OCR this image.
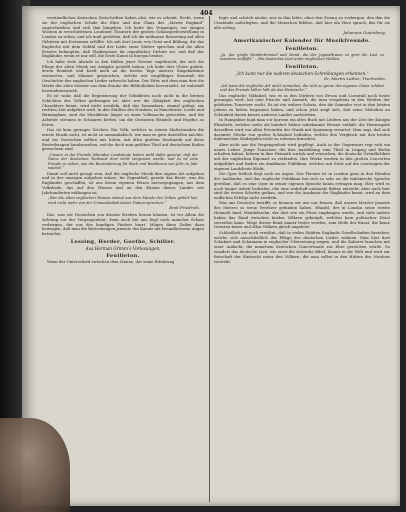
404

verständlichen deutschen Zeitschriften haben also, wie es scheint, Recht, wenn sie der englischen Schule die Ehre und den Glanz des „Merrie England“ zugeschrieben und sich ihm hingeben. Ich hatte das Vergnügen, vor einigen Wochen in verschiedenen Londoner Theatern der großen Schauspielvorstellung in London zu sehen, und ich muß gestehen, daß ich die mühsame Besserung auf allen Gebieten mit Erstaunen erfüllte. Ich sah dort Leute von Geist und Bildung, die das Englische mit dem Gefühl und der Liebe einer Mutter sprechen und die allen Ernstes behaupten, daß Shakespeare ihr eigentlicher Dichter sei, und daß der Engländer, wenn er nur will, die beste Kunst in Europa besitze.

Ich habe viele Abende in den Hallen jener Vereine zugebracht, die sich die Pflege der alten Musik zur Aufgabe gestellt haben; ich habe dort Chöre gehört, deren Reinheit und Kraft mich an die besten Tage unserer Singakademie erinnerten, und Männer gesprochen, welche mit sorgfältiger Kenntniß die Geschichte des englischen Liedes erforscht haben. Der Eifer, mit dem man dort die Werke der alten Meister aus dem Staube der Bibliotheken hervorzieht, ist wahrhaft bewundernswerth.

Es ist wahr, daß die Begeisterung der Gebildeten noch nicht in die breiten Schichten des Volkes gedrungen ist; aber wer die Zähigkeit des englischen Charakters kennt, wird nicht zweifeln, daß das Samenkorn, einmal gelegt, zur rechten Zeit aufgehen wird. In den Städten des Nordens, in Manchester, Leeds und Birmingham, sind die Musikfeste längst zu einer Volkssache geworden, und die Arbeiter strömen in Schaaren herbei, um die Oratorien Händels und Haydns zu hören.

Das ist kein geringes Zeichen. Ein Volk, welches in seinen Mußestunden die ernste Musik sucht, ist nicht so unmusikalisch, wie man es gern darstellen möchte, und wir Deutschen sollten uns hüten, mit allzu großem Hochmuth auf diese Bestrebungen herabzusehen, welche doch zum größten Theil auf deutschem Boden gewachsen sind.

„Unsere in der Fremde lebenden Landsleute haben wohl dafür gesorgt, daß der Name der deutschen Tonkunst dort nicht vergessen werde, und es ist eine Freude zu sehen, wie die Bewunderung für Bach und Beethoven von Jahr zu Jahr wächst.“

Damit soll nicht gesagt sein, daß die englische Musik ihre eigene Art aufgeben und in der unsrigen aufgehen müsse. Im Gegentheil, gerade das Beste, was die Engländer geschaffen, ist aus ihrem eigenen Wesen hervorgegangen, aus dem Volksliede, das auf den Wiesen und an den Küsten dieses Landes seit Jahrhunderten erklungen ist.

„Wer die alten englischen Weisen einmal aus dem Munde des Volkes gehört hat, wird nicht mehr von der Unmusikalität dieser Nation sprechen.“

Emil Friedrich.

Das, was wir Deutschen von diesem Streben lernen können, ist vor Allem die Achtung vor der Vergangenheit; denn auch bei uns liegt noch mancher Schatz verborgen, der nur des kundigen Finders harrt. Mögen diese Zeilen dazu beitragen, daß man die Bestrebungen jenseits des Kanals mit freundlicheren Augen betrachte.

Lessing, Herder, Goethe, Schiller.

Aus Herman Grimm’s Vorlesungen.

Feuilleton.

Wenn der Unterschied zwischen dem Manne, der seine Erfahrung

legte und schrieb nieder, was in ihm lebte, ohne den Zwang zu verbergen, den ihm die Umstände auferlegten, und die Menschen fühlten, daß hier ein Herz sprach, das für sie alle schlug.

Johannes Gutenberg.

Amerikanischer Kalender für Musikfreunde.

Feuilleton.

„Ja, der große Wanderhimmel und Mond, die der Jugendtraum so gern die Lust zu wandern einflößt.“ – Ein deutsches Lied unter englischen Wolken.

Feuilleton.

„Ich kann nur die wahren deutschen Schreibungen erkennen.“

Dr. Martin Luther, Tischreden.

„Ich kann die englische Art nicht verstehen, die sich so gerne des eigenen Gutes schämt und das Fremde höher hält als das Heimische.“

Das englische Volkslied, wie es in den Dörfern von Devon und Cornwall noch heute gesungen wird, hat eine Frische und Anmuth, die man vergebens in den Werken der gelehrten Tonsetzer sucht. Es ist ein wahrer Schatz, den die Sammler erst in den letzten Jahren zu heben begonnen haben, und schon jetzt zeigt sich, daß seine Melodien an Schönheit denen keines anderen Landes nachstehen.

In Hampshire fand man vor kurzem ein altes Buch mit Liedern aus der Zeit der Königin Elisabeth, welches mehr als hundert bisher unbekannte Weisen enthält; die Herausgabe desselben wird von allen Freunden der Musik mit Spannung erwartet. Man sagt, daß sich darunter Stücke von großer Schönheit befinden, welche den Vergleich mit den besten italienischen Madrigalen nicht zu scheuen brauchen.

Aber nicht nur die Vergangenheit wird gepflegt. Auch in der Gegenwart regt sich ein neues Leben. Junge Tonsetzer, die ihre Ausbildung zum Theil in Leipzig und Berlin erhalten haben, kehren in ihre Heimath zurück und versuchen, die deutsche Gründlichkeit mit der englischen Eigenart zu verbinden. Ihre Werke werden in den großen Concerten aufgeführt und finden ein dankbares Publikum, welches mit Stolz auf die Leistungen der eigenen Landsleute blickt.

Die Oper freilich liegt noch im Argen. Das Theater ist in London ganz in den Händen der Ausländer, und das englische Publikum hat sich so sehr an die italienische Sprache gewöhnt, daß es eine Oper in seiner eigenen Sprache kaum ertragen mag. Hier wird es noch langer Arbeit bedürfen, ehe eine wahrhaft nationale Bühne entsteht; aber auch hier sind die ersten Schritte gethan, und wer die Ausdauer der Engländer kennt, wird an dem endlichen Erfolge nicht zweifeln.

Was uns Deutsche betrifft, so können wir uns nur freuen, daß unsere Meister jenseits des Meeres so treue Verehrer gefunden haben. Händel, der in London seine zweite Heimath fand, Mendelssohn, der dort wie ein Fürst empfangen wurde, und viele andere haben das Band zwischen beiden Völkern geknüpft, welches kein politischer Zwist zerreißen kann. Möge dieses Band immer fester werden, zum Heile der Kunst, die keine Grenzen kennt und allen Völkern gleich angehört.

Schließlich sei noch erwähnt, daß in vielen Städten Englands Gesellschaften bestehen, welche sich ausschließlich der Pflege des deutschen Liedes widmen. Man hört dort Schubert und Schumann in englischer Übersetzung singen, und die Zuhörer lauschen mit einer Andacht, die manchem deutschen Concertsaale zur Ehre gereichen würde. So wandert das deutsche Lied, wie einst die deutsche Bibel, hinaus in die Welt und wird zur Botschaft der Eintracht unter den Völkern, die man selbst in den Hütten des Nordens versteht.
